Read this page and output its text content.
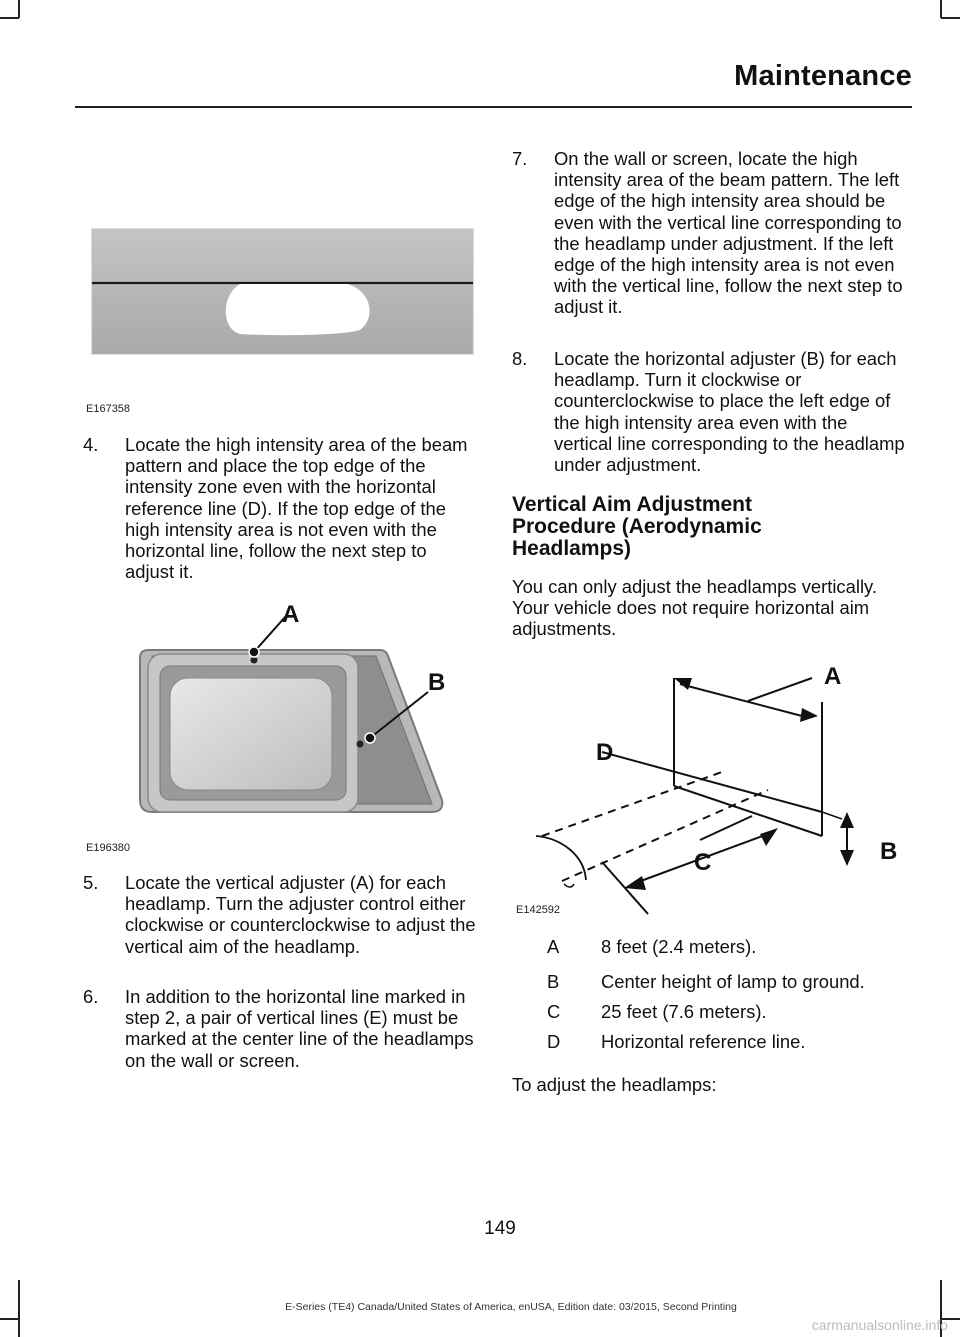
Maintenance
E167358
4. Locate the high intensity area of the beam pattern and place the top edge of the intensity zone even with the horizontal reference line (D). If the top edge of the high intensity area is not even with the horizontal line, follow the next step to adjust it.
A
B
E196380
5. Locate the vertical adjuster (A) for each headlamp. Turn the adjuster control either clockwise or counterclockwise to adjust the vertical aim of the headlamp.
6. In addition to the horizontal line marked in step 2, a pair of vertical lines (E) must be marked at the center line of the headlamps on the wall or screen.
7. On the wall or screen, locate the high intensity area of the beam pattern. The left edge of the high intensity area should be even with the vertical line corresponding to the headlamp under adjustment. If the left edge of the high intensity area is not even with the vertical line, follow the next step to adjust it.
8. Locate the horizontal adjuster (B) for each headlamp. Turn it clockwise or counterclockwise to place the left edge of the high intensity area even with the vertical line corresponding to the headlamp under adjustment.
Vertical Aim Adjustment Procedure (Aerodynamic Headlamps)
You can only adjust the headlamps vertically. Your vehicle does not require horizontal aim adjustments.
A
B
C
D
E142592
A 8 feet (2.4 meters).
B Center height of lamp to ground.
C 25 feet (7.6 meters).
D Horizontal reference line.
To adjust the headlamps:
149
E-Series (TE4) Canada/United States of America, enUSA, Edition date: 03/2015, Second Printing
carmanualsonline.info
